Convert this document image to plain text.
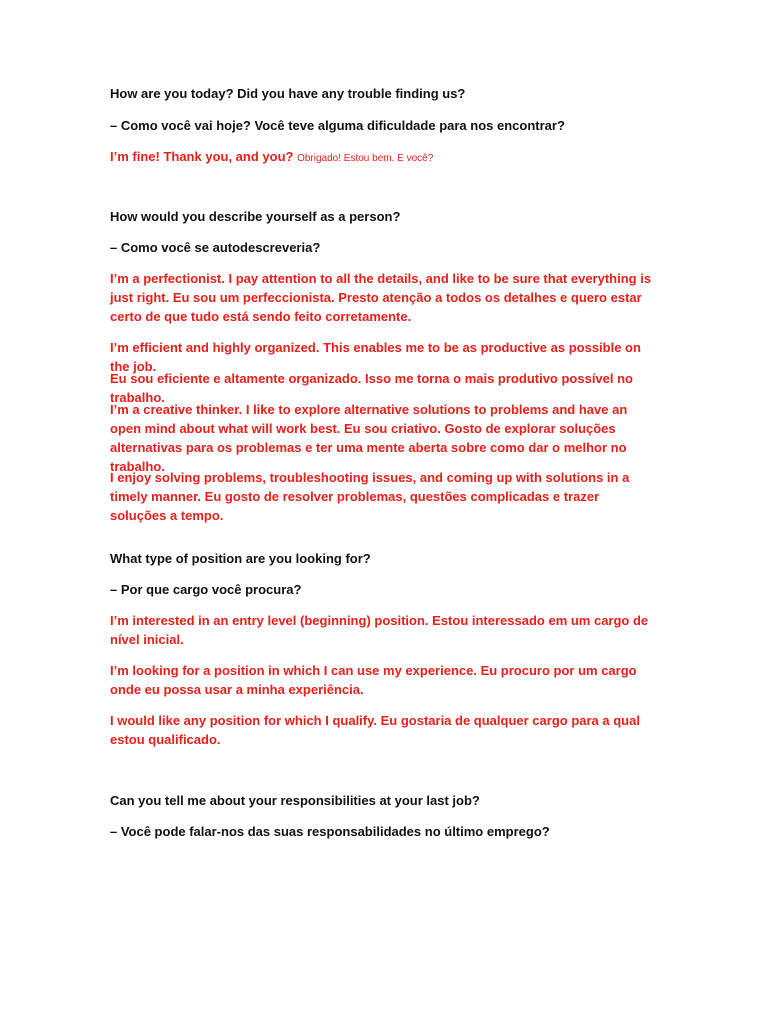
How are you today? Did you have any trouble finding us?

– Como você vai hoje? Você teve alguma dificuldade para nos encontrar?

I’m fine! Thank you, and you? Obrigado! Estou bem. E você?

How would you describe yourself as a person?

– Como você se autodescreveria?

I’m a perfectionist. I pay attention to all the details, and like to be sure that everything is just right. Eu sou um perfeccionista. Presto atenção a todos os detalhes e quero estar certo de que tudo está sendo feito corretamente.

I’m efficient and highly organized. This enables me to be as productive as possible on the job.

Eu sou eficiente e altamente organizado. Isso me torna o mais produtivo possível no trabalho.

I’m a creative thinker. I like to explore alternative solutions to problems and have an open mind about what will work best. Eu sou criativo. Gosto de explorar soluções alternativas para os problemas e ter uma mente aberta sobre como dar o melhor no trabalho.

I enjoy solving problems, troubleshooting issues, and coming up with solutions in a timely manner. Eu gosto de resolver problemas, questões complicadas e trazer soluções a tempo.

What type of position are you looking for?

– Por que cargo você procura?

I’m interested in an entry level (beginning) position. Estou interessado em um cargo de nível inicial.

I’m looking for a position in which I can use my experience. Eu procuro por um cargo onde eu possa usar a minha experiência.

I would like any position for which I qualify. Eu gostaria de qualquer cargo para a qual estou qualificado.

Can you tell me about your responsibilities at your last job?

– Você pode falar-nos das suas responsabilidades no último emprego?
